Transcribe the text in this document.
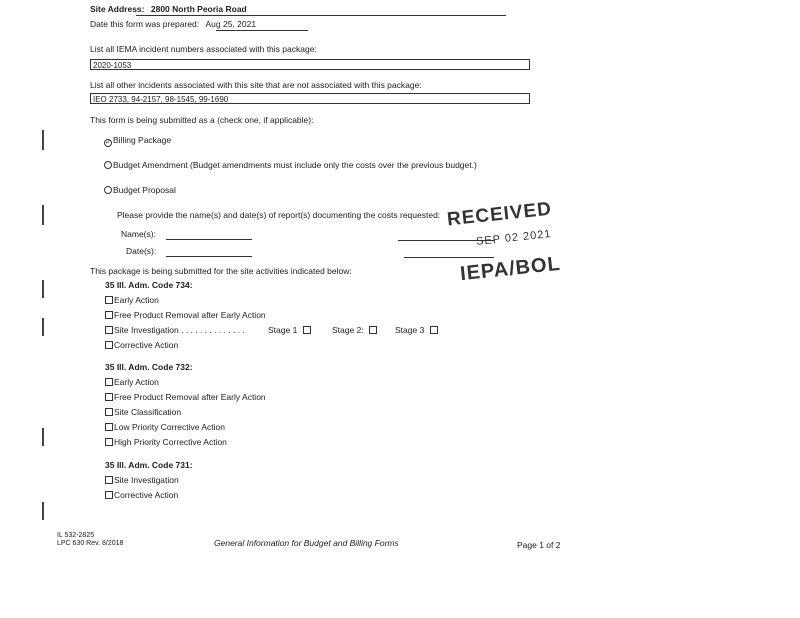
Site Address: 2800 North Peoria Road
Date this form was prepared: Aug 25, 2021
List all IEMA incident numbers associated with this package:
2020-1053
List all other incidents associated with this site that are not associated with this package:
IEO 2733, 94-2157, 98-1545, 99-1690
This form is being submitted as a (check one, if applicable):
✓ Billing Package
Budget Amendment (Budget amendments must include only the costs over the previous budget.)
Budget Proposal
Please provide the name(s) and date(s) of report(s) documenting the costs requested:
Name(s):
Date(s):
RECEIVED
SEP 02 2021
IEPA/BOL
This package is being submitted for the site activities indicated below:
35 Ill. Adm. Code 734:
Early Action
Free Product Removal after Early Action
Site Investigation . . . . . . . . . . . . . .	Stage 1	Stage 2:	Stage 3
Corrective Action
35 Ill. Adm. Code 732:
Early Action
Free Product Removal after Early Action
Site Classification
Low Priority Corrective Action
High Priority Corrective Action
35 Ill. Adm. Code 731:
Site Investigation
Corrective Action
IL 532-2825
LPC 630 Rev. 8/2018	General Information for Budget and Billing Forms	Page 1 of 2
